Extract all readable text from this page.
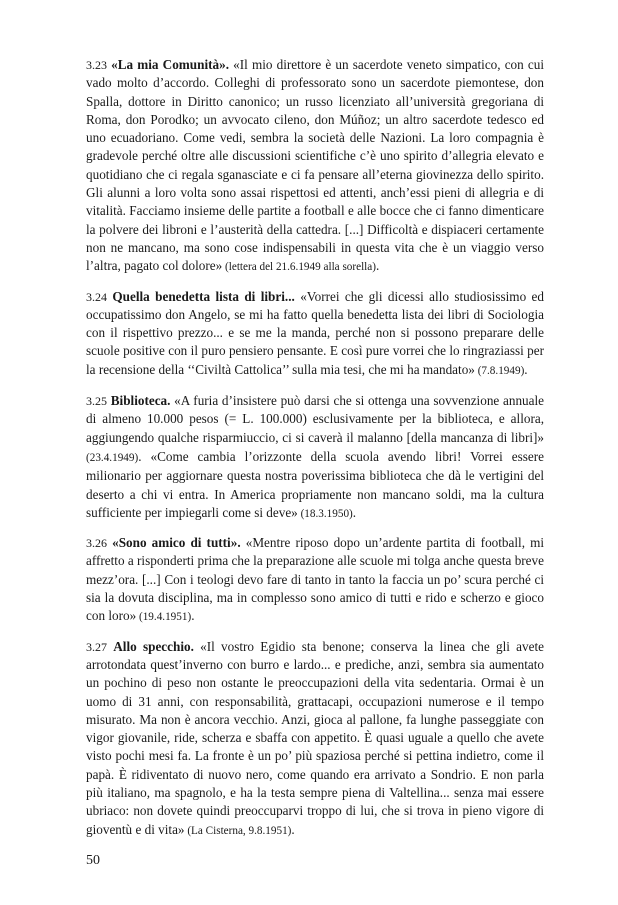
3.23 «La mia Comunità». «Il mio direttore è un sacerdote veneto simpatico, con cui vado molto d’accordo. Colleghi di professorato sono un sacerdote piemontese, don Spalla, dottore in Diritto canonico; un russo licenziato all’università gregoriana di Roma, don Porodko; un avvocato cileno, don Múñoz; un altro sacerdote tedesco ed uno ecuadoriano. Come vedi, sembra la società delle Nazioni. La loro compagnia è gradevole perché oltre alle discussioni scientifiche c’è uno spirito d’allegria elevato e quotidiano che ci regala sganasciate e ci fa pensare all’eterna giovinezza dello spirito. Gli alunni a loro volta sono assai rispettosi ed attenti, anch’essi pieni di allegria e di vitalità. Facciamo insieme delle partite a football e alle bocce che ci fanno dimenticare la polvere dei libroni e l’austerità della cattedra. [...] Difficoltà e dispiaceri certamente non ne mancano, ma sono cose indispensabili in questa vita che è un viaggio verso l’altra, pagato col dolore» (lettera del 21.6.1949 alla sorella).

3.24 Quella benedetta lista di libri... «Vorrei che gli dicessi allo studiosissimo ed occupatissimo don Angelo, se mi ha fatto quella benedetta lista dei libri di Sociologia con il rispettivo prezzo... e se me la manda, perché non si possono preparare delle scuole positive con il puro pensiero pensante. E così pure vorrei che lo ringraziassi per la recensione della ‘‘Civiltà Cattolica’’ sulla mia tesi, che mi ha mandato» (7.8.1949).

3.25 Biblioteca. «A furia d’insistere può darsi che si ottenga una sovvenzione annuale di almeno 10.000 pesos (= L. 100.000) esclusivamente per la biblioteca, e allora, aggiungendo qualche risparmiuccio, ci si caverà il malanno [della mancanza di libri]» (23.4.1949). «Come cambia l’orizzonte della scuola avendo libri! Vorrei essere milionario per aggiornare questa nostra poverissima biblioteca che dà le vertigini del deserto a chi vi entra. In America propriamente non mancano soldi, ma la cultura sufficiente per impiegarli come si deve» (18.3.1950).

3.26 «Sono amico di tutti». «Mentre riposo dopo un’ardente partita di football, mi affretto a risponderti prima che la preparazione alle scuole mi tolga anche questa breve mezz’ora. [...] Con i teologi devo fare di tanto in tanto la faccia un po’ scura perché ci sia la dovuta disciplina, ma in complesso sono amico di tutti e rido e scherzo e gioco con loro» (19.4.1951).

3.27 Allo specchio. «Il vostro Egidio sta benone; conserva la linea che gli avete arrotondata quest’inverno con burro e lardo... e prediche, anzi, sembra sia aumentato un pochino di peso non ostante le preoccupazioni della vita sedentaria. Ormai è un uomo di 31 anni, con responsabilità, grattacapi, occupazioni numerose e il tempo misurato. Ma non è ancora vecchio. Anzi, gioca al pallone, fa lunghe passeggiate con vigor giovanile, ride, scherza e sbaffa con appetito. È quasi uguale a quello che avete visto pochi mesi fa. La fronte è un po’ più spaziosa perché si pettina indietro, come il papà. È ridiventato di nuovo nero, come quando era arrivato a Sondrio. E non parla più italiano, ma spagnolo, e ha la testa sempre piena di Valtellina... senza mai essere ubriaco: non dovete quindi preoccuparvi troppo di lui, che si trova in pieno vigore di gioventù e di vita» (La Cisterna, 9.8.1951).

50
